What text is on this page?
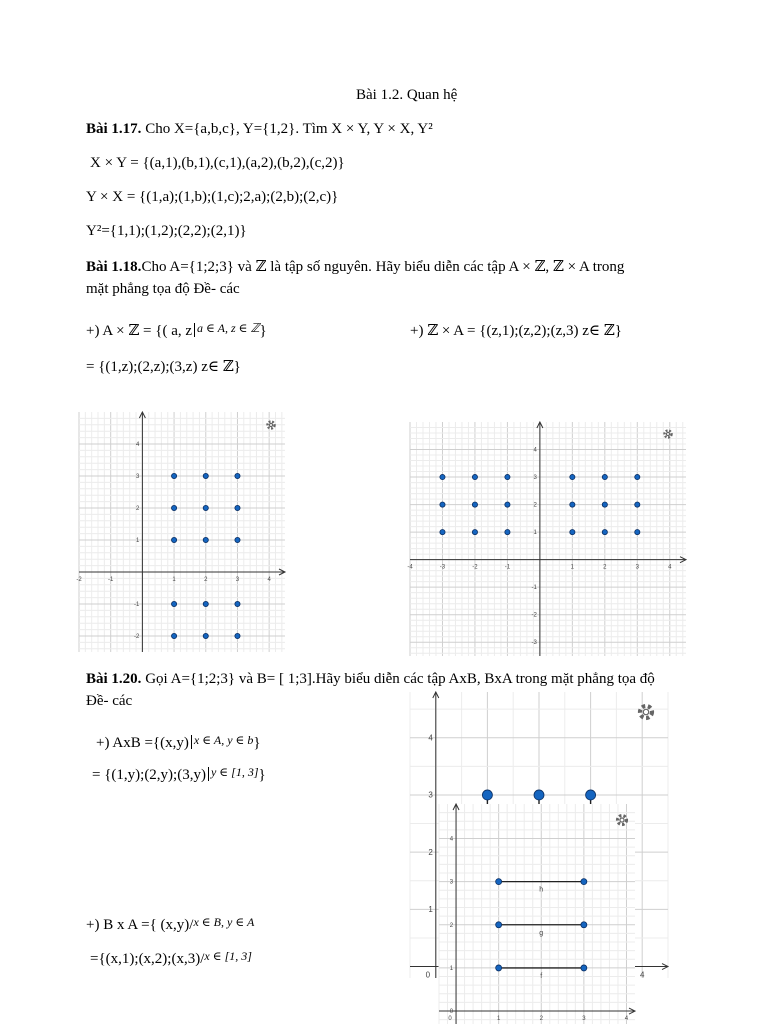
Bài 1.2. Quan hệ
Bài 1.17. Cho X={a,b,c}, Y={1,2}. Tìm X × Y, Y × X, Y²
X × Y = {(a,1),(b,1),(c,1),(a,2),(b,2),(c,2)}
Y × X = {(1,a);(1,b);(1,c);2,a);(2,b);(2,c)}
Y²={1,1);(1,2);(2,2);(2,1)}
Bài 1.18.Cho A={1;2;3} và ℤ là tập số nguyên. Hãy biểu diễn các tập A × ℤ, ℤ × A trong
mặt phẳng tọa độ Đề- các
+) A × ℤ = {( a, z $^{a \in A, z \in ℤ}$}	+) ℤ × A = {(z,1);(z,2);(z,3) z∈ ℤ}
= {(1,z);(2,z);(3,z) z∈ ℤ}
-2	-1	1	2	3	4
4
3
2
1
-1
-2
-4	-3	-2	-1	1	2	3	4
4
3
2
1
-1
-2
-3
Bài 1.20. Gọi A={1;2;3} và B= [ 1;3].Hãy biểu diễn các tập AxB, BxA trong mặt phẳng tọa độ
Đề- các
+) AxB ={(x,y) $^{x \in A, y \in b}$}
= {(1,y);(2,y);(3,y) $^{y \in [1, 3]}$}
+) B x A ={ (x,y)/$^{x \in B, y \in A}$
={(x,1);(x,2);(x,3)/$^{x \in [1, 3]}$
0	4
4
3
2
1
0	1	2	3	4
4
3
2
1
0
h
g
f
